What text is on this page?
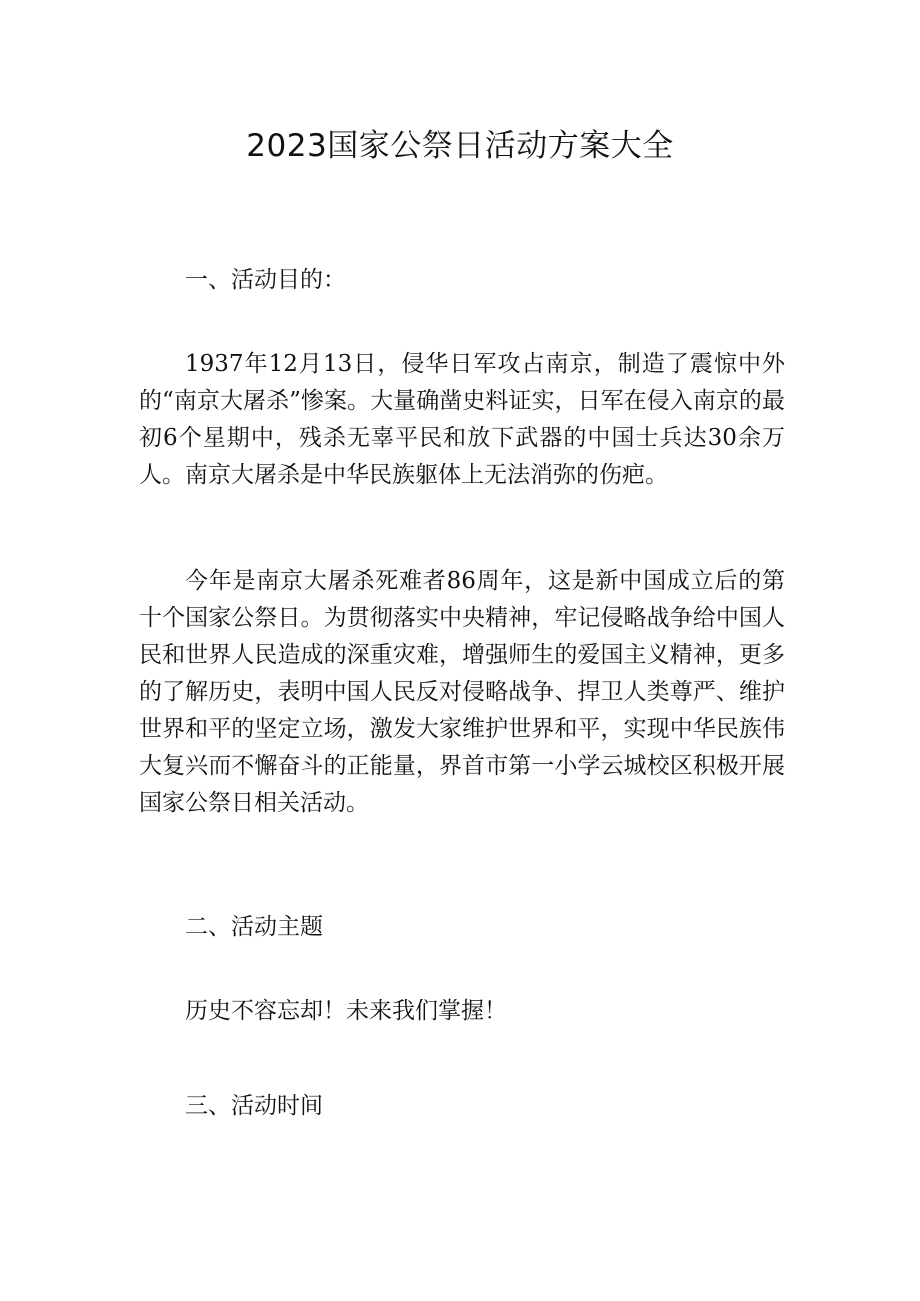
2023国家公祭日活动方案大全

一、活动目的：

1937年12月13日，侵华日军攻占南京，制造了震惊中外的“南京大屠杀”惨案。大量确凿史料证实，日军在侵入南京的最初6个星期中，残杀无辜平民和放下武器的中国士兵达30余万人。南京大屠杀是中华民族躯体上无法消弥的伤疤。

今年是南京大屠杀死难者86周年，这是新中国成立后的第十个国家公祭日。为贯彻落实中央精神，牢记侵略战争给中国人民和世界人民造成的深重灾难，增强师生的爱国主义精神，更多的了解历史，表明中国人民反对侵略战争、捍卫人类尊严、维护世界和平的坚定立场，激发大家维护世界和平，实现中华民族伟大复兴而不懈奋斗的正能量，界首市第一小学云城校区积极开展国家公祭日相关活动。

二、活动主题

历史不容忘却！未来我们掌握！

三、活动时间
